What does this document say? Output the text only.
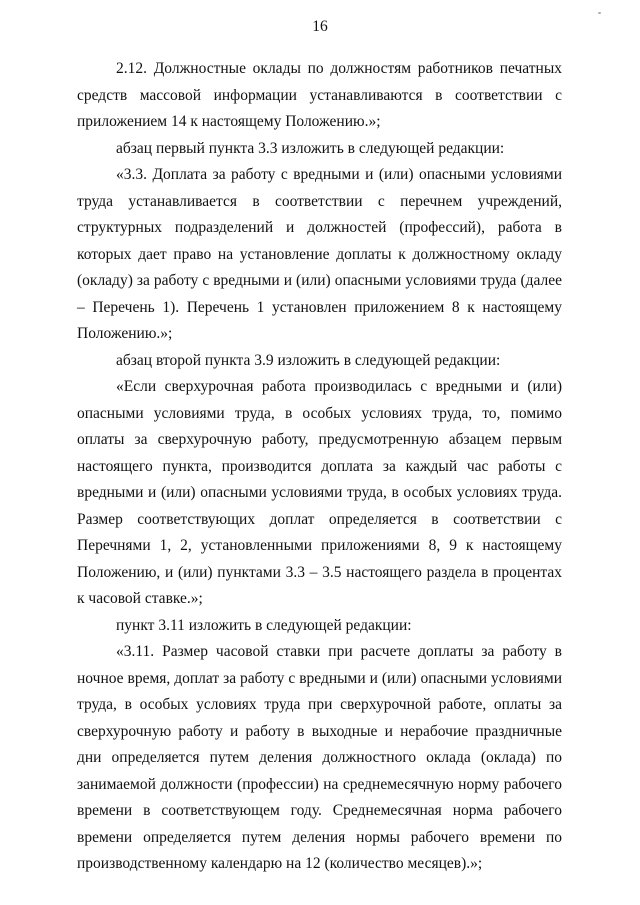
16

2.12. Должностные оклады по должностям работников печатных средств массовой информации устанавливаются в соответствии с приложением 14 к настоящему Положению.»;

абзац первый пункта 3.3 изложить в следующей редакции:

«3.3. Доплата за работу с вредными и (или) опасными условиями труда устанавливается в соответствии с перечнем учреждений, структурных подразделений и должностей (профессий), работа в которых дает право на установление доплаты к должностному окладу (окладу) за работу с вредными и (или) опасными условиями труда (далее – Перечень 1). Перечень 1 установлен приложением 8 к настоящему Положению.»;

абзац второй пункта 3.9 изложить в следующей редакции:

«Если сверхурочная работа производилась с вредными и (или) опасными условиями труда, в особых условиях труда, то, помимо оплаты за сверхурочную работу, предусмотренную абзацем первым настоящего пункта, производится доплата за каждый час работы с вредными и (или) опасными условиями труда, в особых условиях труда. Размер соответствующих доплат определяется в соответствии с Перечнями 1, 2, установленными приложениями 8, 9 к настоящему Положению, и (или) пунктами 3.3 – 3.5 настоящего раздела в процентах к часовой ставке.»;

пункт 3.11 изложить в следующей редакции:

«3.11. Размер часовой ставки при расчете доплаты за работу в ночное время, доплат за работу с вредными и (или) опасными условиями труда, в особых условиях труда при сверхурочной работе, оплаты за сверхурочную работу и работу в выходные и нерабочие праздничные дни определяется путем деления должностного оклада (оклада) по занимаемой должности (профессии) на среднемесячную норму рабочего времени в соответствующем году. Среднемесячная норма рабочего времени определяется путем деления нормы рабочего времени по производственному календарю на 12 (количество месяцев).»;
